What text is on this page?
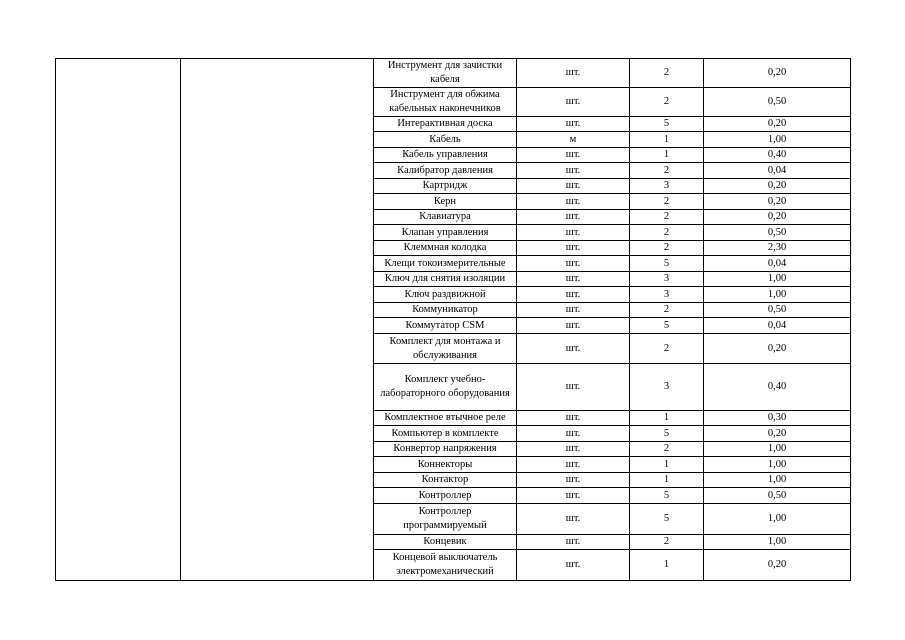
		Инструмент для зачистки кабеля	шт.	2	0,20
		Инструмент для обжима кабельных наконечников	шт.	2	0,50
		Интерактивная доска	шт.	5	0,20
		Кабель	м	1	1,00
		Кабель управления	шт.	1	0,40
		Калибратор давления	шт.	2	0,04
		Картридж	шт.	3	0,20
		Керн	шт.	2	0,20
		Клавиатура	шт.	2	0,20
		Клапан управления	шт.	2	0,50
		Клеммная колодка	шт.	2	2,30
		Клещи токоизмерительные	шт.	5	0,04
		Ключ для снятия изоляции	шт.	3	1,00
		Ключ раздвижной	шт.	3	1,00
		Коммуникатор	шт.	2	0,50
		Коммутатор CSM	шт.	5	0,04
		Комплект для монтажа и обслуживания	шт.	2	0,20
		Комплект учебно-лабораторного оборудования	шт.	3	0,40
		Комплектное втычное реле	шт.	1	0,30
		Компьютер в комплекте	шт.	5	0,20
		Конвертор напряжения	шт.	2	1,00
		Коннекторы	шт.	1	1,00
		Контактор	шт.	1	1,00
		Контроллер	шт.	5	0,50
		Контроллер программируемый	шт.	5	1,00
		Концевик	шт.	2	1,00
		Концевой выключатель электромеханический	шт.	1	0,20
